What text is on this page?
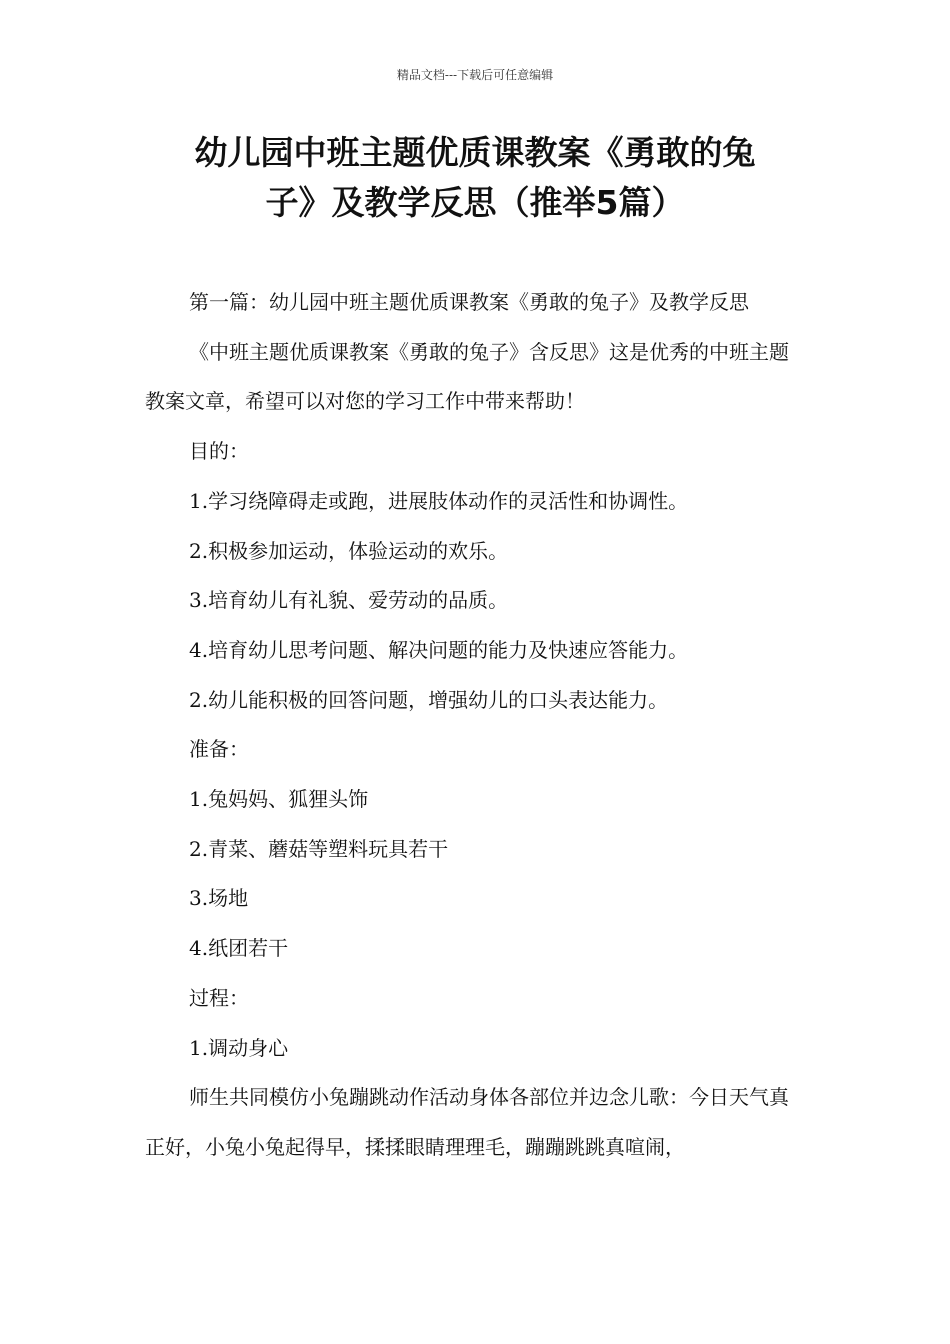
精品文档---下载后可任意编辑
幼儿园中班主题优质课教案《勇敢的兔
子》及教学反思（推举5篇）

第一篇：幼儿园中班主题优质课教案《勇敢的兔子》及教学反思

《中班主题优质课教案《勇敢的兔子》含反思》这是优秀的中班主题教案文章，希望可以对您的学习工作中带来帮助！

目的：

1.学习绕障碍走或跑，进展肢体动作的灵活性和协调性。

2.积极参加运动，体验运动的欢乐。

3.培育幼儿有礼貌、爱劳动的品质。

4.培育幼儿思考问题、解决问题的能力及快速应答能力。

2.幼儿能积极的回答问题，增强幼儿的口头表达能力。

准备：

1.兔妈妈、狐狸头饰

2.青菜、蘑菇等塑料玩具若干

3.场地

4.纸团若干

过程：

1.调动身心

师生共同模仿小兔蹦跳动作活动身体各部位并边念儿歌：今日天气真正好，小兔小兔起得早，揉揉眼睛理理毛，蹦蹦跳跳真喧闹，
